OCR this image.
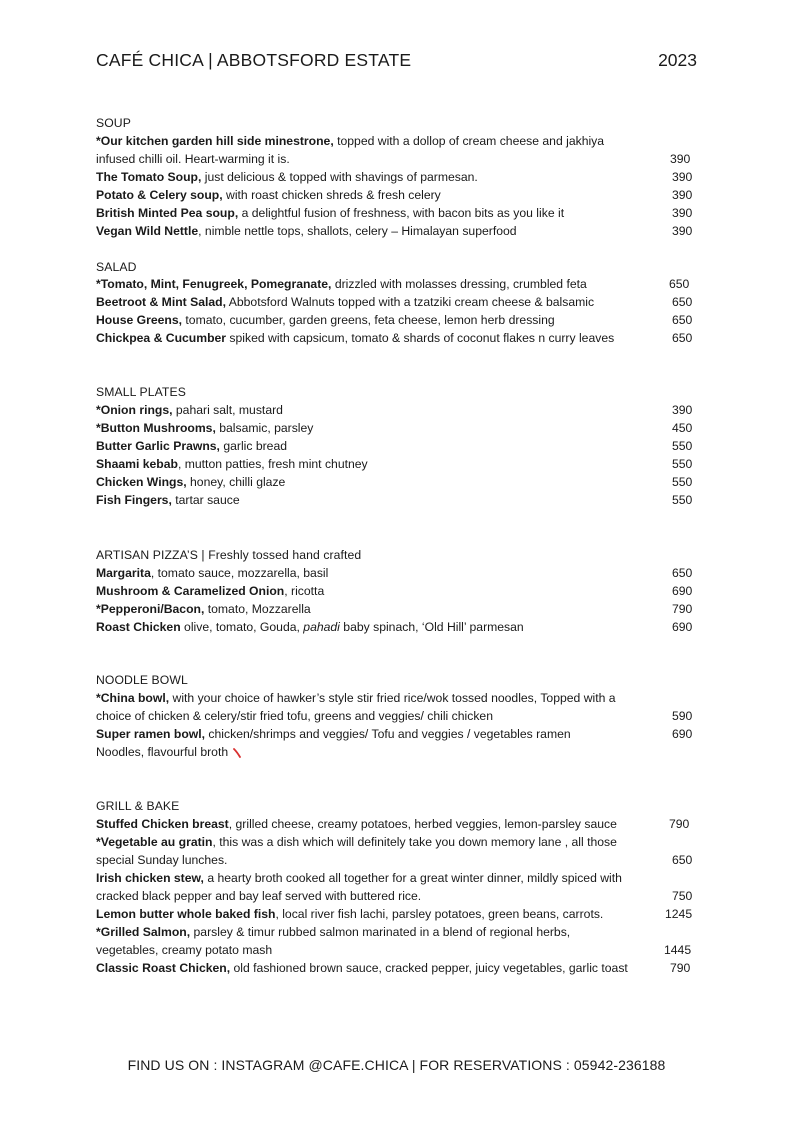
CAFÉ CHICA | ABBOTSFORD ESTATE	2023
SOUP
*Our kitchen garden hill side minestrone, topped with a dollop of cream cheese and jakhiya
infused chilli oil. Heart-warming it is.	390
The Tomato Soup, just delicious & topped with shavings of parmesan.	390
Potato & Celery soup, with roast chicken shreds & fresh celery	390
British Minted Pea soup, a delightful fusion of freshness, with bacon bits as you like it	390
Vegan Wild Nettle, nimble nettle tops, shallots, celery – Himalayan superfood	390
SALAD
*Tomato, Mint, Fenugreek, Pomegranate, drizzled with molasses dressing, crumbled feta	650
Beetroot & Mint Salad, Abbotsford Walnuts topped with a tzatziki cream cheese & balsamic	650
House Greens, tomato, cucumber, garden greens, feta cheese, lemon herb dressing	650
Chickpea & Cucumber spiked with capsicum, tomato & shards of coconut flakes n curry leaves	650
SMALL PLATES
*Onion rings, pahari salt, mustard	390
*Button Mushrooms, balsamic, parsley	450
Butter Garlic Prawns, garlic bread	550
Shaami kebab, mutton patties, fresh mint chutney	550
Chicken Wings, honey, chilli glaze	550
Fish Fingers, tartar sauce	550
ARTISAN PIZZA’S | Freshly tossed hand crafted
Margarita, tomato sauce, mozzarella, basil	650
Mushroom & Caramelized Onion, ricotta	690
*Pepperoni/Bacon, tomato, Mozzarella	790
Roast Chicken olive, tomato, Gouda, pahadi baby spinach, ‘Old Hill’ parmesan	690
NOODLE BOWL
*China bowl, with your choice of hawker’s style stir fried rice/wok tossed noodles, Topped with a
choice of chicken & celery/stir fried tofu, greens and veggies/ chili chicken	590
Super ramen bowl, chicken/shrimps and veggies/ Tofu and veggies / vegetables ramen	690
Noodles, flavourful broth
GRILL & BAKE
Stuffed Chicken breast, grilled cheese, creamy potatoes, herbed veggies, lemon-parsley sauce	790
*Vegetable au gratin, this was a dish which will definitely take you down memory lane , all those
special Sunday lunches.	650
Irish chicken stew, a hearty broth cooked all together for a great winter dinner, mildly spiced with
cracked black pepper and bay leaf served with buttered rice.	750
Lemon butter whole baked fish, local river fish lachi, parsley potatoes, green beans, carrots.	1245
*Grilled Salmon, parsley & timur rubbed salmon marinated in a blend of regional herbs,
vegetables, creamy potato mash	1445
Classic Roast Chicken, old fashioned brown sauce, cracked pepper, juicy vegetables, garlic toast	790
FIND US ON : INSTAGRAM @CAFE.CHICA | FOR RESERVATIONS : 05942-236188
